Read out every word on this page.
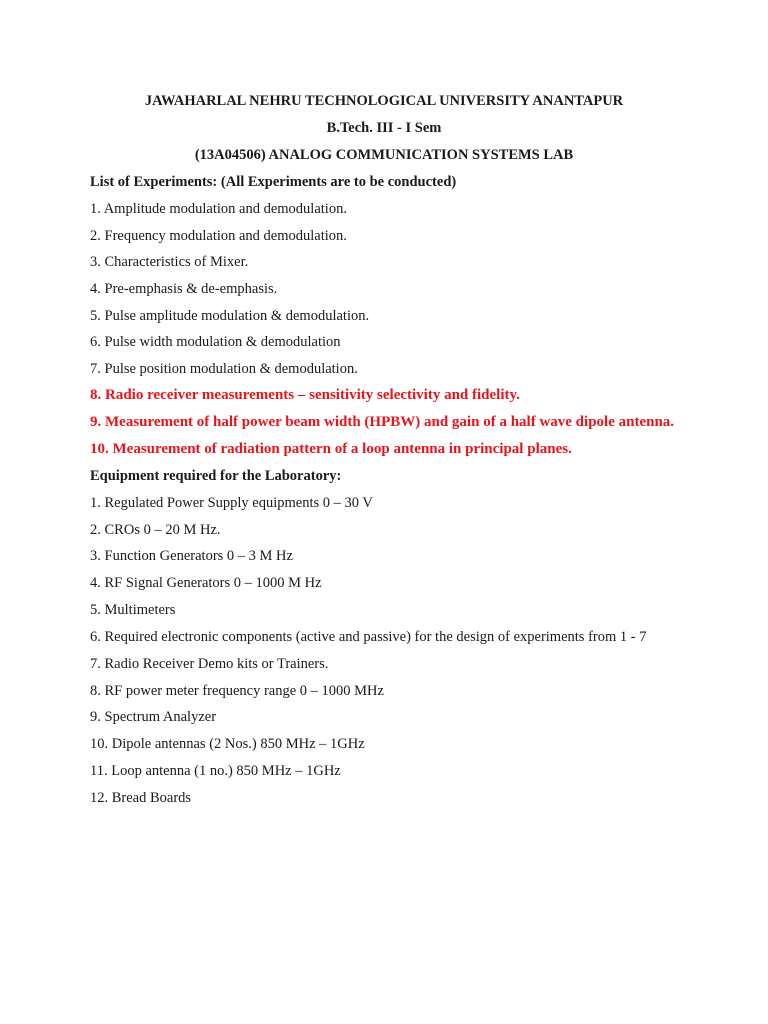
JAWAHARLAL NEHRU TECHNOLOGICAL UNIVERSITY ANANTAPUR
B.Tech. III - I Sem
(13A04506) ANALOG COMMUNICATION SYSTEMS LAB
List of Experiments: (All Experiments are to be conducted)
1. Amplitude modulation and demodulation.
2. Frequency modulation and demodulation.
3. Characteristics of Mixer.
4. Pre-emphasis & de-emphasis.
5. Pulse amplitude modulation & demodulation.
6. Pulse width modulation & demodulation
7. Pulse position modulation & demodulation.
8. Radio receiver measurements – sensitivity selectivity and fidelity.
9. Measurement of half power beam width (HPBW) and gain of a half wave dipole antenna.
10. Measurement of radiation pattern of a loop antenna in principal planes.
Equipment required for the Laboratory:
1. Regulated Power Supply equipments 0 – 30 V
2. CROs 0 – 20 M Hz.
3. Function Generators 0 – 3 M Hz
4. RF Signal Generators 0 – 1000 M Hz
5. Multimeters
6. Required electronic components (active and passive) for the design of experiments from 1 - 7
7. Radio Receiver Demo kits or Trainers.
8. RF power meter frequency range 0 – 1000 MHz
9. Spectrum Analyzer
10. Dipole antennas (2 Nos.) 850 MHz – 1GHz
11. Loop antenna (1 no.) 850 MHz – 1GHz
12. Bread Boards
